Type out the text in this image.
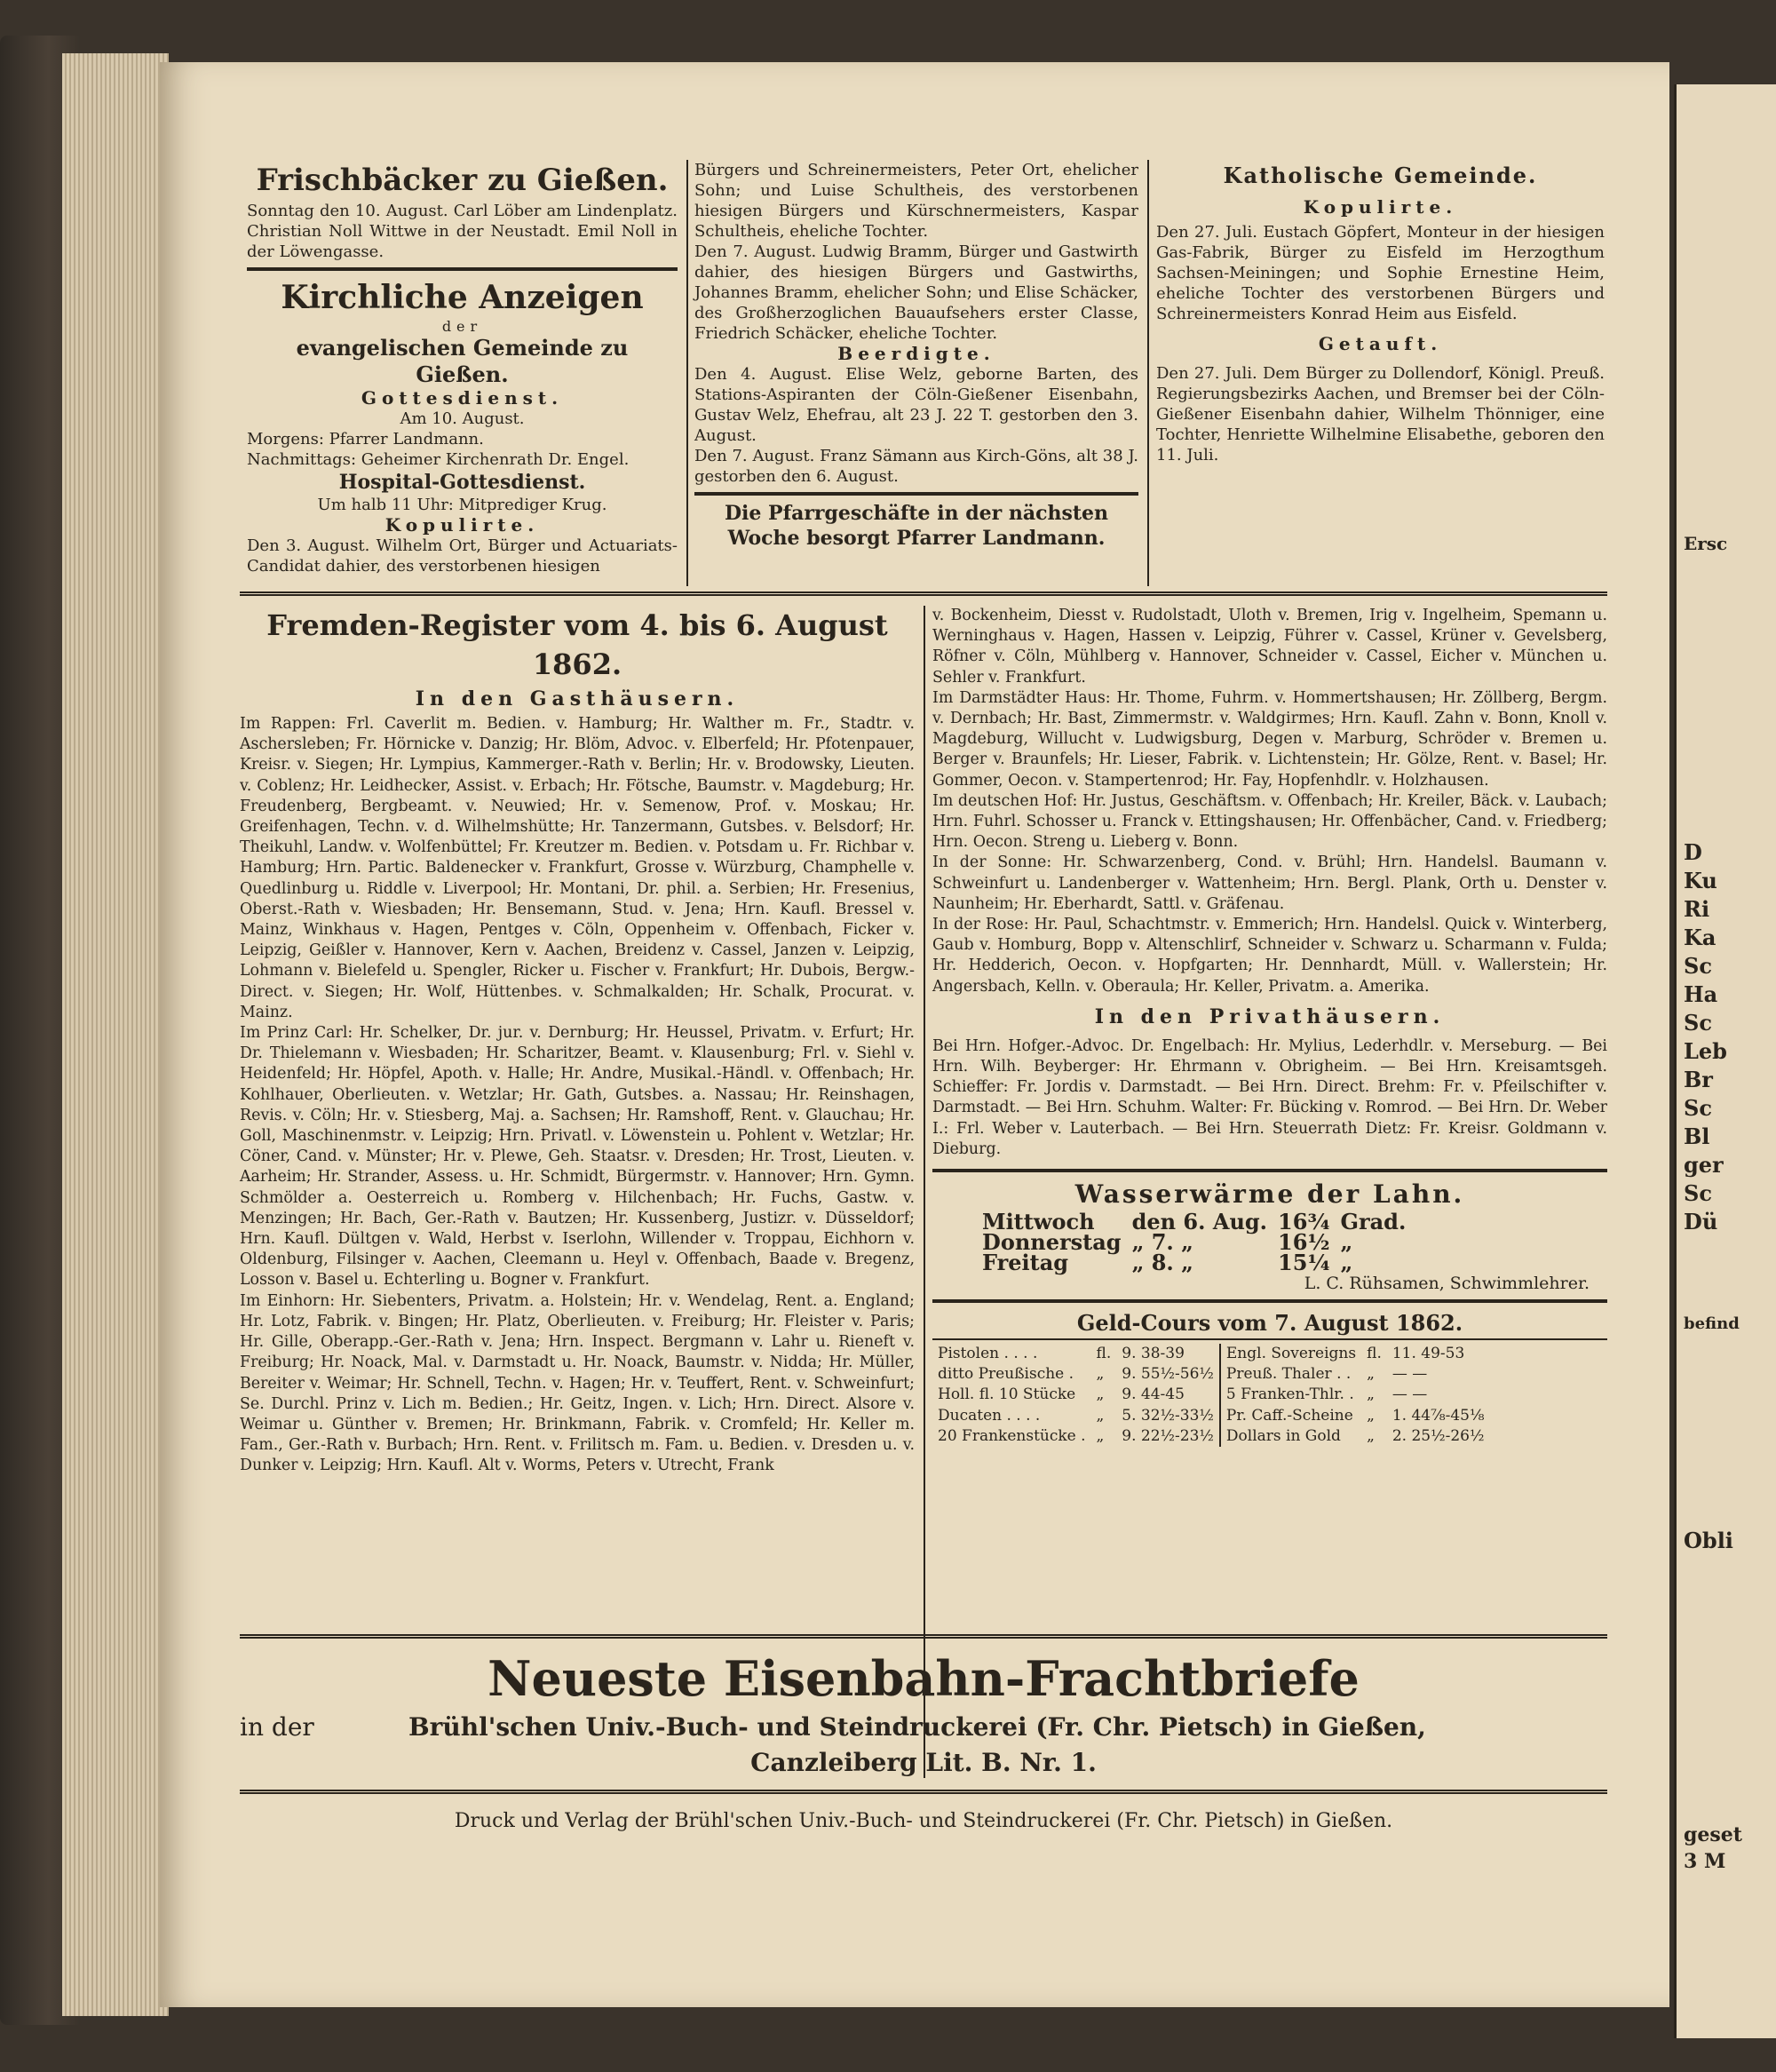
Ersc
D
Ku
Ri
Ka
Sc
Ha
Sc
Leb
Br
Sc
Bl
ger
Sc
Dü
befind
Obli
geset
3 M
Frischbäcker zu Gießen.

Sonntag den 10. August. Carl Löber am Lindenplatz. Christian Noll Wittwe in der Neustadt. Emil Noll in der Löwengasse.

Kirchliche Anzeigen
der
evangelischen Gemeinde zu Gießen.
Gottesdienst.
Am 10. August.
Morgens: Pfarrer Landmann.
Nachmittags: Geheimer Kirchenrath Dr. Engel.
Hospital-Gottesdienst.
Um halb 11 Uhr: Mitprediger Krug.
Kopulirte.

Den 3. August. Wilhelm Ort, Bürger und Actuariats-Candidat dahier, des verstorbenen hiesigen

Bürgers und Schreinermeisters, Peter Ort, ehelicher Sohn; und Luise Schultheis, des verstorbenen hiesigen Bürgers und Kürschnermeisters, Kaspar Schultheis, eheliche Tochter.

Den 7. August. Ludwig Bramm, Bürger und Gastwirth dahier, des hiesigen Bürgers und Gastwirths, Johannes Bramm, ehelicher Sohn; und Elise Schäcker, des Großherzoglichen Bauaufsehers erster Classe, Friedrich Schäcker, eheliche Tochter.

Beerdigte.

Den 4. August. Elise Welz, geborne Barten, des Stations-Aspiranten der Cöln-Gießener Eisenbahn, Gustav Welz, Ehefrau, alt 23 J. 22 T. gestorben den 3. August.

Den 7. August. Franz Sämann aus Kirch-Göns, alt 38 J. gestorben den 6. August.

Die Pfarrgeschäfte in der nächsten Woche besorgt Pfarrer Landmann.
Katholische Gemeinde.
Kopulirte.

Den 27. Juli. Eustach Göpfert, Monteur in der hiesigen Gas-Fabrik, Bürger zu Eisfeld im Herzogthum Sachsen-Meiningen; und Sophie Ernestine Heim, eheliche Tochter des verstorbenen Bürgers und Schreinermeisters Konrad Heim aus Eisfeld.

Getauft.

Den 27. Juli. Dem Bürger zu Dollendorf, Königl. Preuß. Regierungsbezirks Aachen, und Bremser bei der Cöln-Gießener Eisenbahn dahier, Wilhelm Thönniger, eine Tochter, Henriette Wilhelmine Elisabethe, geboren den 11. Juli.

Fremden-Register vom 4. bis 6. August 1862.
In den Gasthäusern.

Im Rappen: Frl. Caverlit m. Bedien. v. Hamburg; Hr. Walther m. Fr., Stadtr. v. Aschersleben; Fr. Hörnicke v. Danzig; Hr. Blöm, Advoc. v. Elberfeld; Hr. Pfotenpauer, Kreisr. v. Siegen; Hr. Lympius, Kammerger.-Rath v. Berlin; Hr. v. Brodowsky, Lieuten. v. Coblenz; Hr. Leidhecker, Assist. v. Erbach; Hr. Fötsche, Baumstr. v. Magdeburg; Hr. Freudenberg, Bergbeamt. v. Neuwied; Hr. v. Semenow, Prof. v. Moskau; Hr. Greifenhagen, Techn. v. d. Wilhelmshütte; Hr. Tanzermann, Gutsbes. v. Belsdorf; Hr. Theikuhl, Landw. v. Wolfenbüttel; Fr. Kreutzer m. Bedien. v. Potsdam u. Fr. Richbar v. Hamburg; Hrn. Partic. Baldenecker v. Frankfurt, Grosse v. Würzburg, Champhelle v. Quedlinburg u. Riddle v. Liverpool; Hr. Montani, Dr. phil. a. Serbien; Hr. Fresenius, Oberst.-Rath v. Wiesbaden; Hr. Bensemann, Stud. v. Jena; Hrn. Kaufl. Bressel v. Mainz, Winkhaus v. Hagen, Pentges v. Cöln, Oppenheim v. Offenbach, Ficker v. Leipzig, Geißler v. Hannover, Kern v. Aachen, Breidenz v. Cassel, Janzen v. Leipzig, Lohmann v. Bielefeld u. Spengler, Ricker u. Fischer v. Frankfurt; Hr. Dubois, Bergw.-Direct. v. Siegen; Hr. Wolf, Hüttenbes. v. Schmalkalden; Hr. Schalk, Procurat. v. Mainz.

Im Prinz Carl: Hr. Schelker, Dr. jur. v. Dernburg; Hr. Heussel, Privatm. v. Erfurt; Hr. Dr. Thielemann v. Wiesbaden; Hr. Scharitzer, Beamt. v. Klausenburg; Frl. v. Siehl v. Heidenfeld; Hr. Höpfel, Apoth. v. Halle; Hr. Andre, Musikal.-Händl. v. Offenbach; Hr. Kohlhauer, Oberlieuten. v. Wetzlar; Hr. Gath, Gutsbes. a. Nassau; Hr. Reinshagen, Revis. v. Cöln; Hr. v. Stiesberg, Maj. a. Sachsen; Hr. Ramshoff, Rent. v. Glauchau; Hr. Goll, Maschinenmstr. v. Leipzig; Hrn. Privatl. v. Löwenstein u. Pohlent v. Wetzlar; Hr. Cöner, Cand. v. Münster; Hr. v. Plewe, Geh. Staatsr. v. Dresden; Hr. Trost, Lieuten. v. Aarheim; Hr. Strander, Assess. u. Hr. Schmidt, Bürgermstr. v. Hannover; Hrn. Gymn. Schmölder a. Oesterreich u. Romberg v. Hilchenbach; Hr. Fuchs, Gastw. v. Menzingen; Hr. Bach, Ger.-Rath v. Bautzen; Hr. Kussenberg, Justizr. v. Düsseldorf; Hrn. Kaufl. Dültgen v. Wald, Herbst v. Iserlohn, Willender v. Troppau, Eichhorn v. Oldenburg, Filsinger v. Aachen, Cleemann u. Heyl v. Offenbach, Baade v. Bregenz, Losson v. Basel u. Echterling u. Bogner v. Frankfurt.

Im Einhorn: Hr. Siebenters, Privatm. a. Holstein; Hr. v. Wendelag, Rent. a. England; Hr. Lotz, Fabrik. v. Bingen; Hr. Platz, Oberlieuten. v. Freiburg; Hr. Fleister v. Paris; Hr. Gille, Oberapp.-Ger.-Rath v. Jena; Hrn. Inspect. Bergmann v. Lahr u. Rieneft v. Freiburg; Hr. Noack, Mal. v. Darmstadt u. Hr. Noack, Baumstr. v. Nidda; Hr. Müller, Bereiter v. Weimar; Hr. Schnell, Techn. v. Hagen; Hr. v. Teuffert, Rent. v. Schweinfurt; Se. Durchl. Prinz v. Lich m. Bedien.; Hr. Geitz, Ingen. v. Lich; Hrn. Direct. Alsore v. Weimar u. Günther v. Bremen; Hr. Brinkmann, Fabrik. v. Cromfeld; Hr. Keller m. Fam., Ger.-Rath v. Burbach; Hrn. Rent. v. Frilitsch m. Fam. u. Bedien. v. Dresden u. v. Dunker v. Leipzig; Hrn. Kaufl. Alt v. Worms, Peters v. Utrecht, Frank

v. Bockenheim, Diesst v. Rudolstadt, Uloth v. Bremen, Irig v. Ingelheim, Spemann u. Werninghaus v. Hagen, Hassen v. Leipzig, Führer v. Cassel, Krüner v. Gevelsberg, Röfner v. Cöln, Mühlberg v. Hannover, Schneider v. Cassel, Eicher v. München u. Sehler v. Frankfurt.

Im Darmstädter Haus: Hr. Thome, Fuhrm. v. Hommertshausen; Hr. Zöllberg, Bergm. v. Dernbach; Hr. Bast, Zimmermstr. v. Waldgirmes; Hrn. Kaufl. Zahn v. Bonn, Knoll v. Magdeburg, Willucht v. Ludwigsburg, Degen v. Marburg, Schröder v. Bremen u. Berger v. Braunfels; Hr. Lieser, Fabrik. v. Lichtenstein; Hr. Gölze, Rent. v. Basel; Hr. Gommer, Oecon. v. Stampertenrod; Hr. Fay, Hopfenhdlr. v. Holzhausen.

Im deutschen Hof: Hr. Justus, Geschäftsm. v. Offenbach; Hr. Kreiler, Bäck. v. Laubach; Hrn. Fuhrl. Schosser u. Franck v. Ettingshausen; Hr. Offenbächer, Cand. v. Friedberg; Hrn. Oecon. Streng u. Lieberg v. Bonn.

In der Sonne: Hr. Schwarzenberg, Cond. v. Brühl; Hrn. Handelsl. Baumann v. Schweinfurt u. Landenberger v. Wattenheim; Hrn. Bergl. Plank, Orth u. Denster v. Naunheim; Hr. Eberhardt, Sattl. v. Gräfenau.

In der Rose: Hr. Paul, Schachtmstr. v. Emmerich; Hrn. Handelsl. Quick v. Winterberg, Gaub v. Homburg, Bopp v. Altenschlirf, Schneider v. Schwarz u. Scharmann v. Fulda; Hr. Hedderich, Oecon. v. Hopfgarten; Hr. Dennhardt, Müll. v. Wallerstein; Hr. Angersbach, Kelln. v. Oberaula; Hr. Keller, Privatm. a. Amerika.

In den Privathäusern.

Bei Hrn. Hofger.-Advoc. Dr. Engelbach: Hr. Mylius, Lederhdlr. v. Merseburg. — Bei Hrn. Wilh. Beyberger: Hr. Ehrmann v. Obrigheim. — Bei Hrn. Kreisamtsgeh. Schieffer: Fr. Jordis v. Darmstadt. — Bei Hrn. Direct. Brehm: Fr. v. Pfeilschifter v. Darmstadt. — Bei Hrn. Schuhm. Walter: Fr. Bücking v. Romrod. — Bei Hrn. Dr. Weber I.: Frl. Weber v. Lauterbach. — Bei Hrn. Steuerrath Dietz: Fr. Kreisr. Goldmann v. Dieburg.

Wasserwärme der Lahn.
Mittwoch	den 6. Aug.	16³⁄₄	Grad.
Donnerstag	„ 7. „	16¹⁄₂	„
Freitag	„ 8. „	15¹⁄₄	„
L. C. Rühsamen, Schwimmlehrer.
Geld-Cours vom 7. August 1862.
Pistolen . . . .	fl.	9. 38-39
ditto Preußische .	„	9. 55½-56½
Holl. fl. 10 Stücke	„	9. 44-45
Ducaten . . . .	„	5. 32½-33½
20 Frankenstücke .	„	9. 22½-23½
Engl. Sovereigns	fl.	11. 49-53
Preuß. Thaler . .	„	— —
5 Franken-Thlr. .	„	— —
Pr. Caff.-Scheine	„	1. 44⅞-45⅛
Dollars in Gold	„	2. 25½-26½
Neueste Eisenbahn-Frachtbriefe
in der	Brühl'schen Univ.-Buch- und Steindruckerei (Fr. Chr. Pietsch) in Gießen,
Canzleiberg Lit. B. Nr. 1.
Druck und Verlag der Brühl'schen Univ.-Buch- und Steindruckerei (Fr. Chr. Pietsch) in Gießen.
